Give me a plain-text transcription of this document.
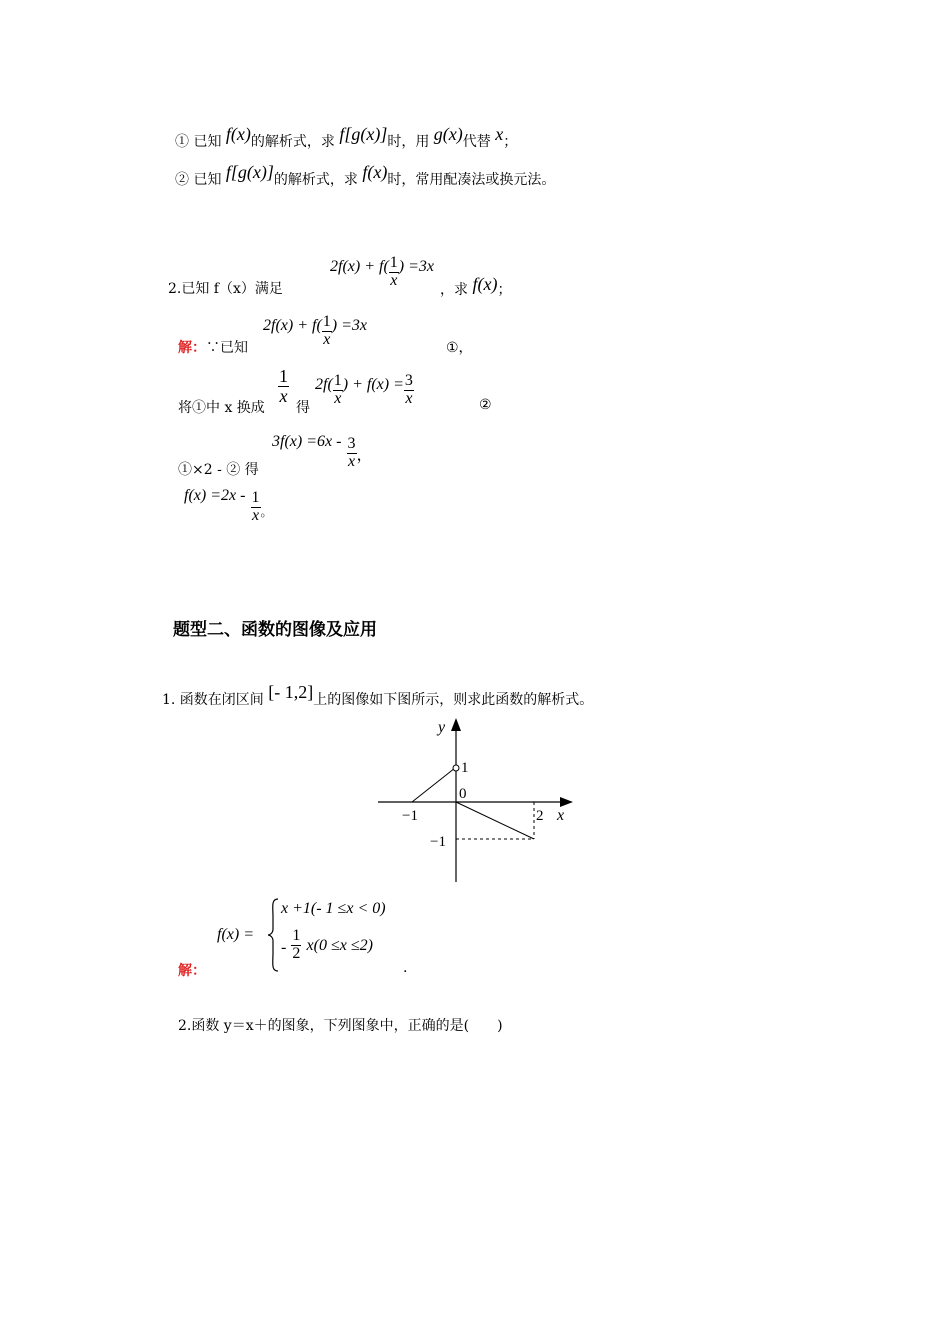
① 已知 f(x)的解析式，求 f[g(x)]时，用 g(x)代替 x；
② 已知 f[g(x)]的解析式，求 f(x)时，常用配凑法或换元法。
2.已知 f（x）满足
$2f(x) + f( \frac{1}{x}$ ) =3x
，求 f(x)；
解：∵已知
$2f(x) + f( \frac{1}{x}$ ) =3x
①，
将①中 x 换成
$\frac{1}{x}$
得
$2f( \frac{1}{x}$ ) + $f(x) = \frac{3}{x}$	②
①×2 - ② 得
$3f(x) =6x - \frac{3}{x}$ ，
$f(x) =2x - \frac{1}{x} _。$
题型二、函数的图像及应用
1. 函数在闭区间 [- 1,2]上的图像如下图所示，则求此函数的解析式。
y
x
1
0
−1	2
−1
解：
f(x) =
x +1(- 1 ≤x < 0)
- $\frac{1}{2} x(0 \le x \le 2)$
.
2.函数 y＝x＋的图象，下列图象中，正确的是(　　)
